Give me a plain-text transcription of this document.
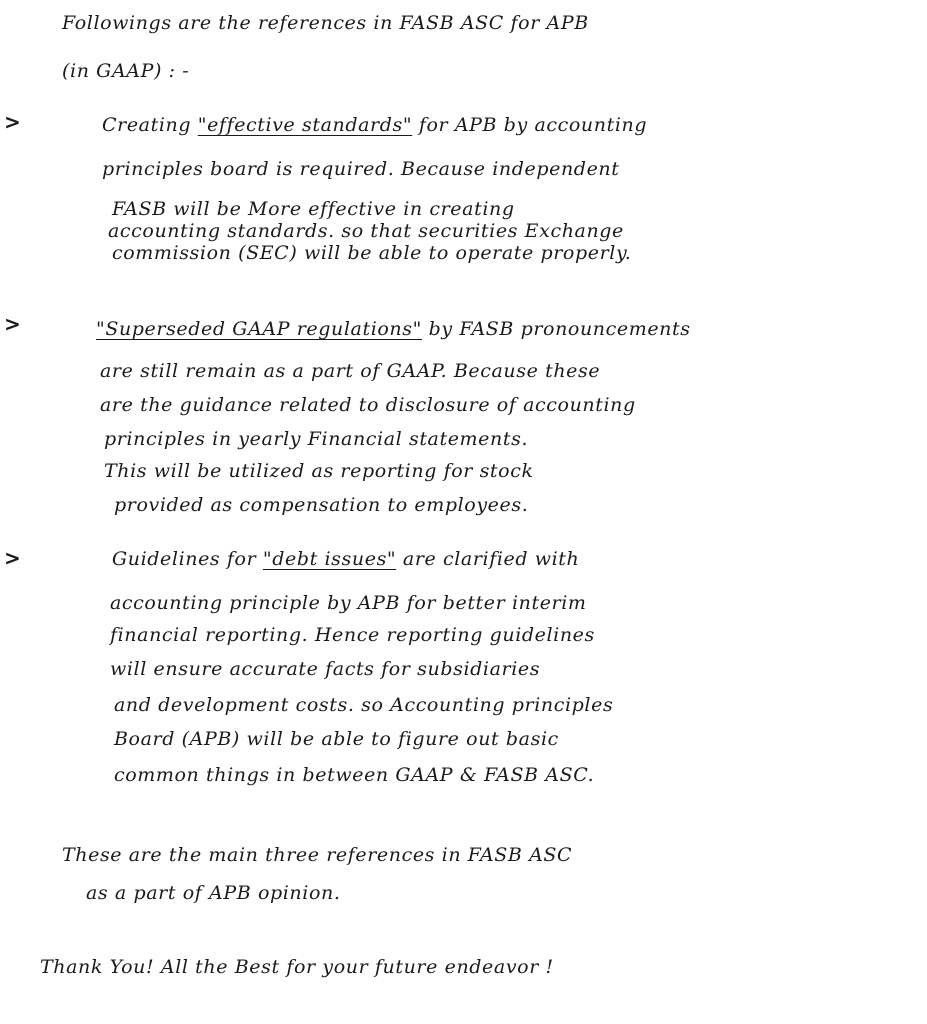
Followings are the references in FASB ASC for APB
(in GAAP) : -
>	Creating "effective standards" for APB by accounting
principles board is required. Because independent
FASB will be More effective in creating
accounting standards. so that securities Exchange
commission (SEC) will be able to operate properly.
>	"Superseded GAAP regulations" by FASB pronouncements
are still remain as a part of GAAP. Because these
are the guidance related to disclosure of accounting
principles in yearly Financial statements.
This will be utilized as reporting for stock
provided as compensation to employees.
>	Guidelines for "debt issues" are clarified with
accounting principle by APB for better interim
financial reporting. Hence reporting guidelines
will ensure accurate facts for subsidiaries
and development costs. so Accounting principles
Board (APB) will be able to figure out basic
common things in between GAAP & FASB ASC.
These are the main three references in FASB ASC
as a part of APB opinion.
Thank You! All the Best for your future endeavor !
